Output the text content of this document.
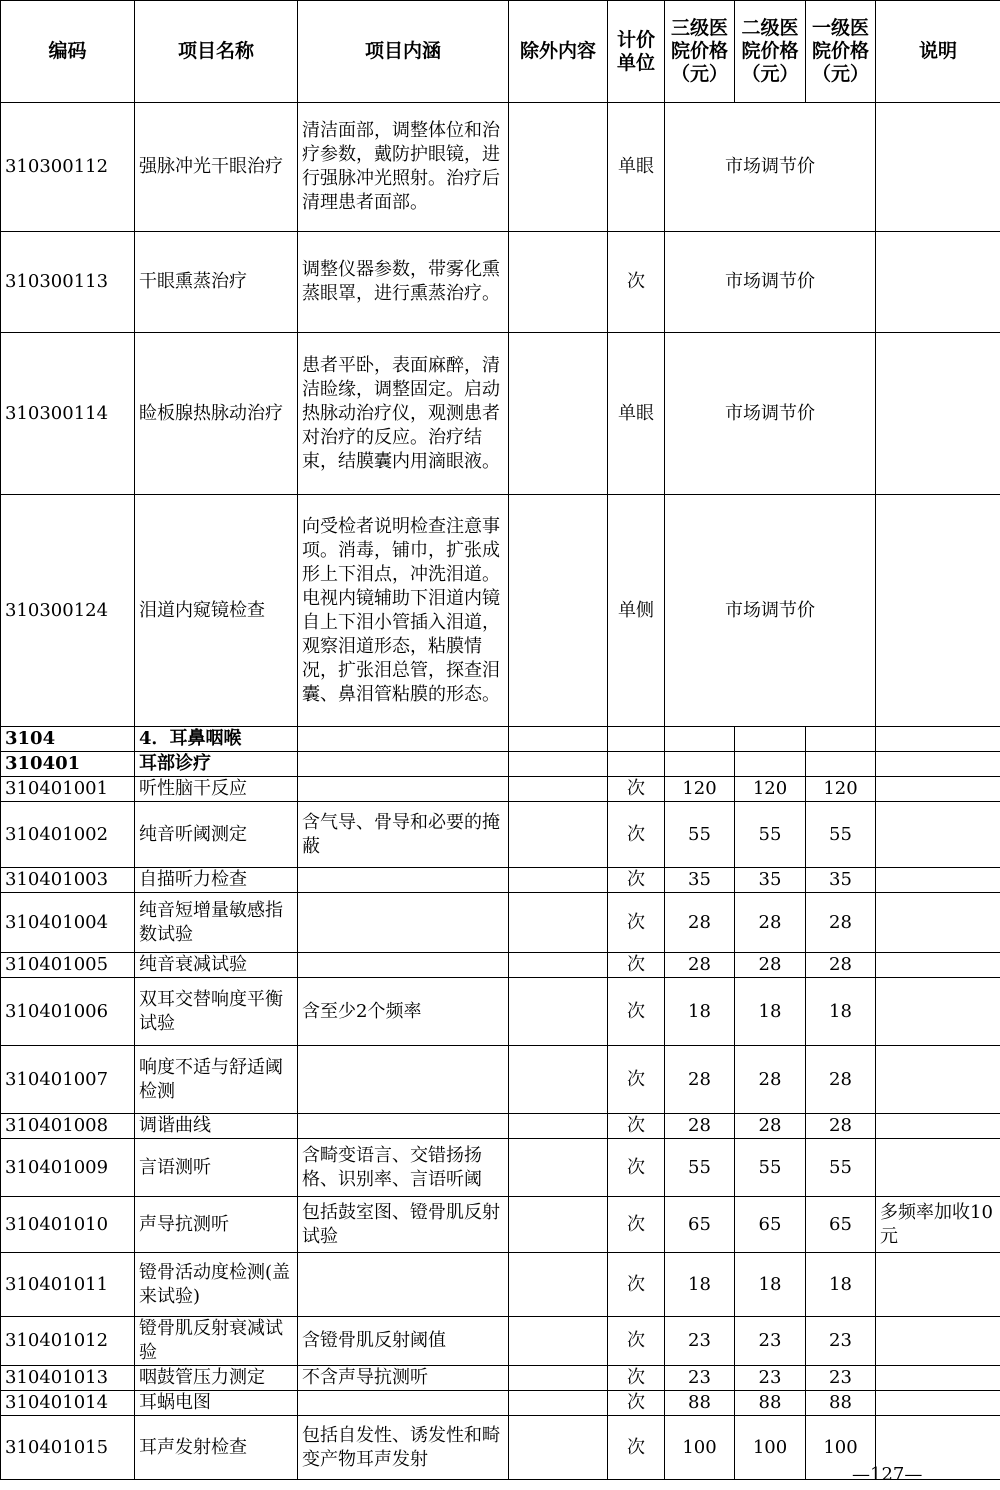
编码	项目名称	项目内涵	除外内容	计价单位	三级医院价格（元）	二级医院价格（元）	一级医院价格（元）	说明
310300112	强脉冲光干眼治疗	清洁面部，调整体位和治疗参数，戴防护眼镜，进行强脉冲光照射。治疗后清理患者面部。		单眼	市场调节价			
310300113	干眼熏蒸治疗	调整仪器参数，带雾化熏蒸眼罩，进行熏蒸治疗。		次	市场调节价			
310300114	睑板腺热脉动治疗	患者平卧，表面麻醉，清洁睑缘，调整固定。启动热脉动治疗仪，观测患者对治疗的反应。治疗结束，结膜囊内用滴眼液。		单眼	市场调节价			
310300124	泪道内窥镜检查	向受检者说明检查注意事项。消毒，铺巾，扩张成形上下泪点，冲洗泪道。电视内镜辅助下泪道内镜自上下泪小管插入泪道，观察泪道形态，粘膜情况，扩张泪总管，探查泪囊、鼻泪管粘膜的形态。		单侧	市场调节价			
3104	4．耳鼻咽喉							
310401	耳部诊疗							
310401001	听性脑干反应			次	120	120	120	
310401002	纯音听阈测定	含气导、骨导和必要的掩蔽		次	55	55	55	
310401003	自描听力检查			次	35	35	35	
310401004	纯音短增量敏感指数试验			次	28	28	28	
310401005	纯音衰减试验			次	28	28	28	
310401006	双耳交替响度平衡试验	含至少2个频率		次	18	18	18	
310401007	响度不适与舒适阈检测			次	28	28	28	
310401008	调谐曲线			次	28	28	28	
310401009	言语测听	含畸变语言、交错扬扬格、识别率、言语听阈		次	55	55	55	
310401010	声导抗测听	包括鼓室图、镫骨肌反射试验		次	65	65	65	多频率加收10元
310401011	镫骨活动度检测(盖来试验)			次	18	18	18	
310401012	镫骨肌反射衰减试验	含镫骨肌反射阈值		次	23	23	23	
310401013	咽鼓管压力测定	不含声导抗测听		次	23	23	23	
310401014	耳蜗电图			次	88	88	88	
310401015	耳声发射检查	包括自发性、诱发性和畸变产物耳声发射		次	100	100	100	
—127—
